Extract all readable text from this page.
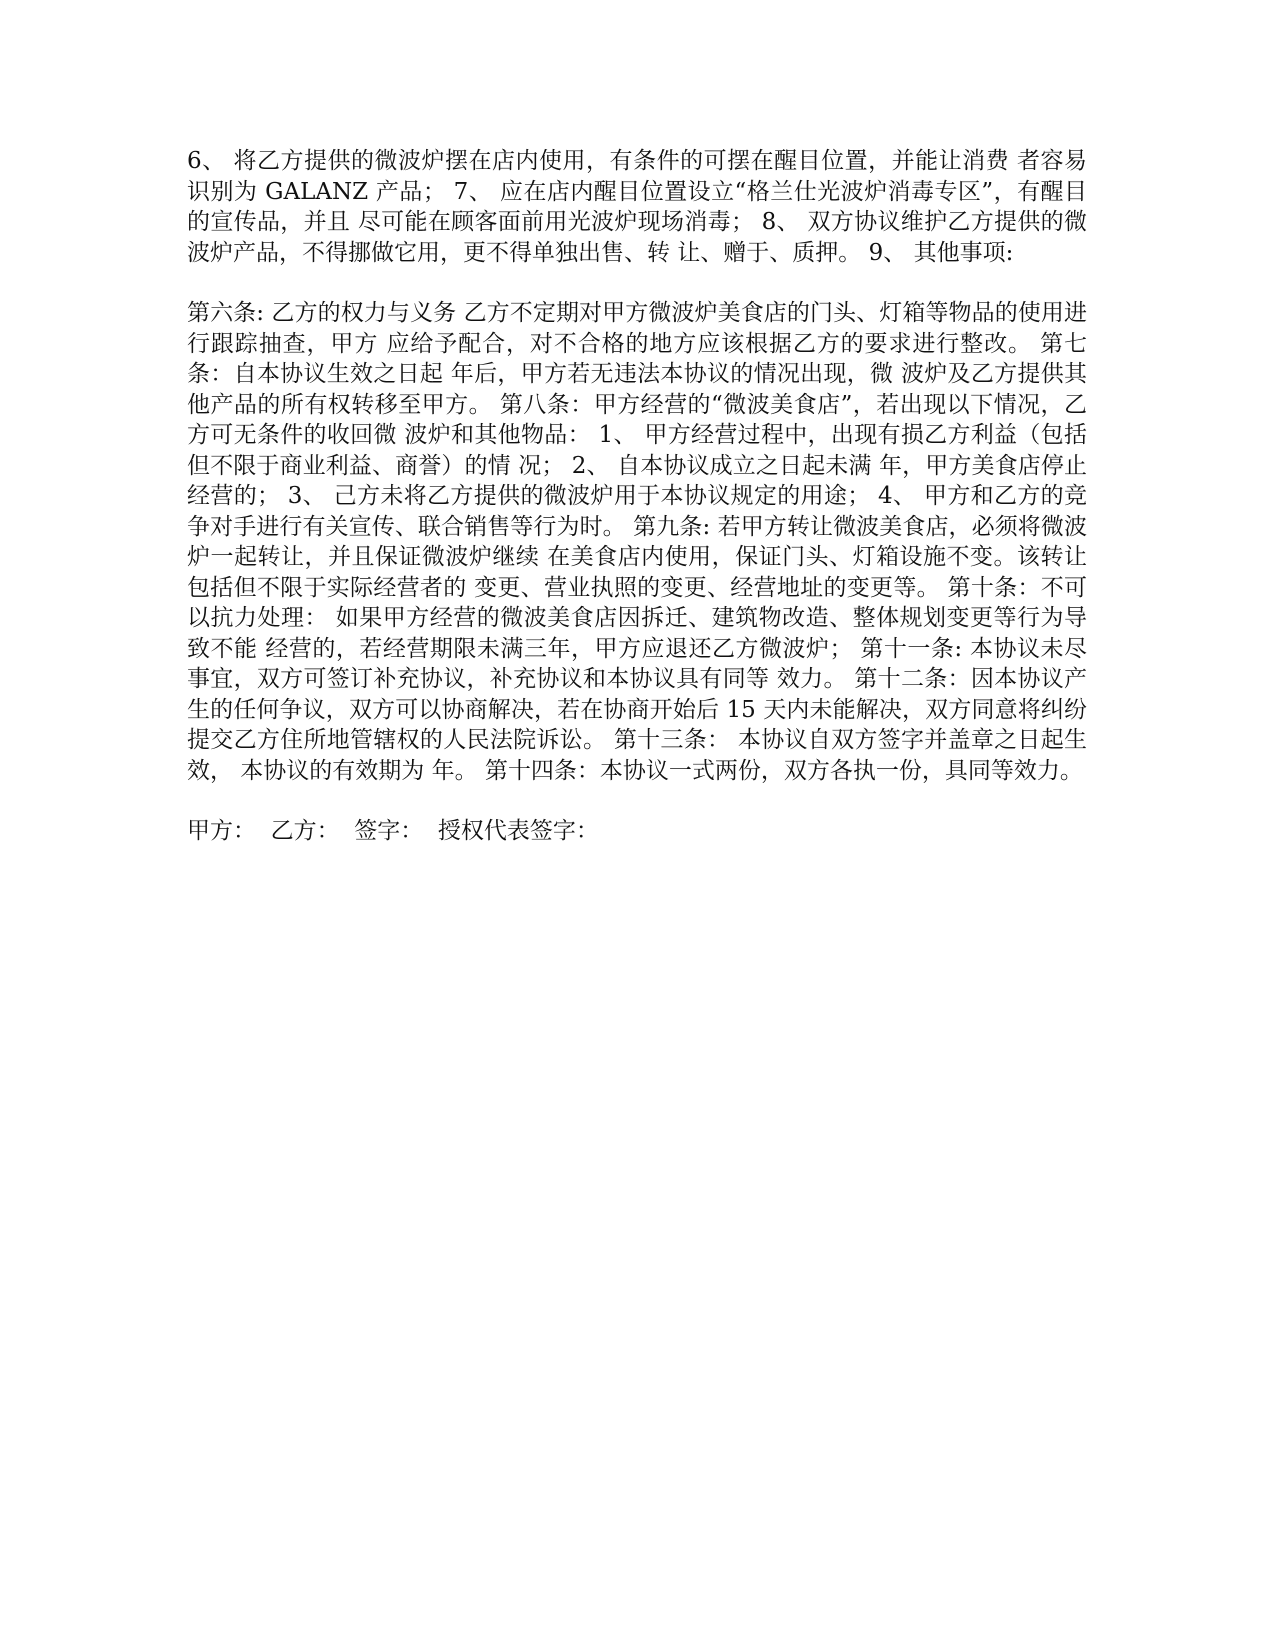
6、 将乙方提供的微波炉摆在店内使用，有条件的可摆在醒目位置，并能让消费 者容易识别为 GALANZ 产品； 7、 应在店内醒目位置设立“格兰仕光波炉消毒专区”，有醒目的宣传品，并且 尽可能在顾客面前用光波炉现场消毒； 8、 双方协议维护乙方提供的微波炉产品，不得挪做它用，更不得单独出售、转 让、赠于、质押。 9、 其他事项:

第六条: 乙方的权力与义务 乙方不定期对甲方微波炉美食店的门头、灯箱等物品的使用进行跟踪抽查，甲方 应给予配合，对不合格的地方应该根据乙方的要求进行整改。 第七条：自本协议生效之日起 年后，甲方若无违法本协议的情况出现，微 波炉及乙方提供其他产品的所有权转移至甲方。 第八条：甲方经营的“微波美食店”，若出现以下情况，乙方可无条件的收回微 波炉和其他物品： 1、 甲方经营过程中，出现有损乙方利益（包括但不限于商业利益、商誉）的情 况； 2、 自本协议成立之日起未满 年，甲方美食店停止经营的； 3、 己方未将乙方提供的微波炉用于本协议规定的用途； 4、 甲方和乙方的竞争对手进行有关宣传、联合销售等行为时。 第九条: 若甲方转让微波美食店，必须将微波炉一起转让，并且保证微波炉继续 在美食店内使用，保证门头、灯箱设施不变。该转让包括但不限于实际经营者的 变更、营业执照的变更、经营地址的变更等。 第十条：不可以抗力处理： 如果甲方经营的微波美食店因拆迁、建筑物改造、整体规划变更等行为导致不能 经营的，若经营期限未满三年，甲方应退还乙方微波炉； 第十一条: 本协议未尽事宜，双方可签订补充协议，补充协议和本协议具有同等 效力。 第十二条：因本协议产生的任何争议，双方可以协商解决，若在协商开始后 15 天内未能解决，双方同意将纠纷提交乙方住所地管辖权的人民法院诉讼。 第十三条： 本协议自双方签字并盖章之日起生效， 本协议的有效期为 年。 第十四条：本协议一式两份，双方各执一份，具同等效力。

甲方：  乙方：  签字：  授权代表签字：
